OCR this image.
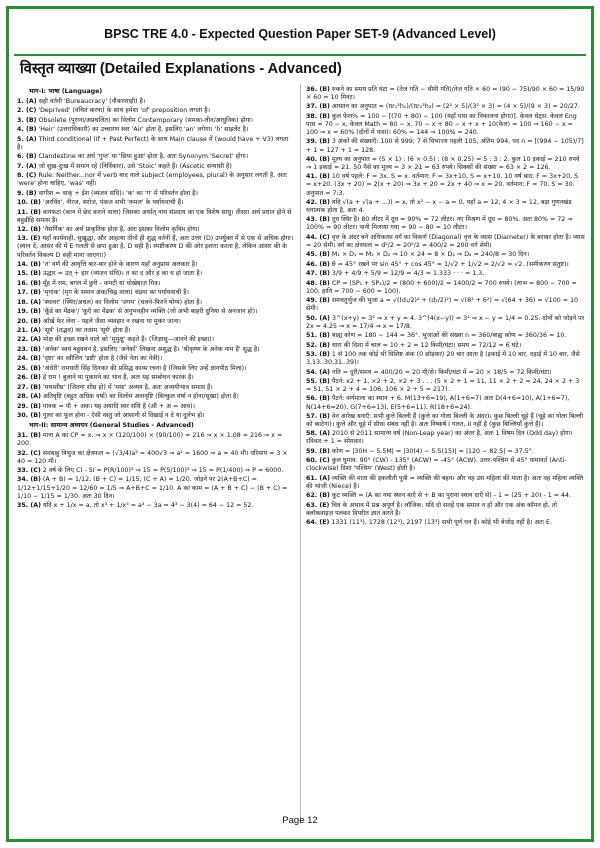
BPSC TRE 4.0 - Expected Question Paper SET-9 (Advanced Level)
विस्तृत व्याख्या (Detailed Explanations - Advanced)
भाग-I: भाषा (Language)
1. (A) सही वर्तनी 'Bureaucracy' (नौकरशाही) है।
2. (C) 'Deprived' (वंचित करना) के साथ हमेशा 'of' preposition लगता है।
3. (B) Obsolete (पुराना/अप्रचलित) का विलोम Contemporary (समका-लीन/आधुनिक) होगा।
4. (B) 'Heir' (उत्तराधिकारी) का उच्चारण स्वर 'Air' होता है, इसलिए 'an' लगेगा। 'h' साइलेंट है।
5. (A) Third conditional (If + Past Perfect) के साथ Main clause में (would have + V3) लगता है।
6. (B) Clandestine का अर्थ 'गुप्त' या 'छिपा हुआ' होता है, अतः Synonym 'Secret' होगा।
7. (A) जो सुख-दुःख में समान रहे (निर्विकार), उसे 'Stoic' कहते हैं। (Ascetic संन्यासी है)
8. (C) Rule: Neither...nor में verb बाद वाले subject (employees, plural) के अनुसार लगती है, अतः 'were' होना चाहिए, 'was' नहीं।
9. (B) वागीश = वाक् + ईश (व्यंजन संधि)। 'क' का 'ग' में परिवर्तन होता है।
10. (B) 'अरविंद', नीरज, सरोज, पंकज सभी 'कमल' के पर्यायवाची हैं।
11. (B) कनफटा (कान में छेद कराने वाला) जिसका अर्थात् नाथ संप्रदाय का एक विशेष साधु। तीसरा अर्थ प्रधान होने से बहुव्रीहि समास है।
12. (B) 'नैसर्गिक' का अर्थ प्राकृतिक होता है, अतः इसका विलोम कृत्रिम होगा।
13. (E) यहाँ कार्यवाही, सुखुद्धा, और आहत्या तीनों ही शुद्ध वर्तनी हैं, अतः उत्तर (D) उपर्युक्त में से एक से अधिक होगा। (ध्यान दें, आंसर की में E गलती से छपा हुआ है, D सही है। स्पष्टीकरण D की ओर इशारा करता है, लेकिन आंसर की के परिवर्तन विकल्प D सही माना जाएगा।)
14. (B) 'त' वर्ण की आवृत्ति बार-बार होने के कारण यहाँ अनुप्रास अलंकार है।
15. (B) उद्धार = उत् + हार (व्यंजन संधि)। त का द और ह का ध हो जाता है।
16. (B) मूँह में राम, बगल में छुरी - कपटी या धोखेबाज़ मित्र।
17. (B) 'मृगांक' (मृग के समान अंक/चिह्न वाला) चंद्रमा का पर्यायवाची है।
18. (A) 'स्थावर' (स्थिर/अचल) का विलोम 'जंगम' (चलने-फिरने योग्य) होता है।
19. (B) 'कूँडे का मेंढक'/ 'कुएँ का मेंढक' से अनुभवहीन व्यक्ति (जो अभी बाहरी दुनिया से अनजान हो)।
20. (B) आँखें फेर लेना - पहले जैसा व्यवहार न रखना या मुकर जाना।
21. (A) 'सूर्य' (तद्भव) का तत्सम 'सूर्य' होता है।
22. (A) मोक्ष की इच्छा रखने वाले को 'मुमुक्षु' कहते हैं। (जिज्ञासु—जानने की इच्छा)।
23. (B) 'अनेक' स्वयं बहुवचन है, इसलिए 'अनेकों' लिखना अशुद्ध है। 'श्रीकृष्ण के अनेक नाम हैं' शुद्ध है।
24. (B) 'दृष्टा' का स्त्रीलिंग 'द्रष्टी' होता है (जैसे नेता का नेत्री)।
25. (B) 'अंधेरी' रामधारी सिंह दिनकर की प्रसिद्ध काव्य रचना है (जिसके लिए उन्हें ज्ञानपीठ मिला)।
26. (B) हे राम ! बुलाने या पुकारने का भाव है, अतः यह सम्बोधन कारक है।
27. (B) 'यथाशीघ्र' (जितना शीघ्र हो) में 'यथा' अव्यय है, अतः अव्ययीभाव समास है।
28. (A) अतिवृष्टि (बहुत अधिक वर्षा) का विलोम अनावृष्टि (बिल्कुल वर्षा न होना/सूखा) होता है।
29. (B) पावक = पौ + अक। यह अयादि स्वर संधि है (औ + अ = आव)।
30. (B) गूलर का फूल होना - ऐसी वस्तु जो आसानी से दिखाई न दे या दुर्लभ हो।
भाग-II: सामान्य अध्ययन (General Studies - Advanced)
31. (B) माना A का CP = x. ⇒ x × (120/100) × (90/100) = 216 ⇒ x × 1.08 = 216 ⇒ x = 200.
32. (C) समबाहु त्रिभुज का क्षेत्रफल = (√3/4)a² = 400√3 ⇒ a² = 1600 ⇒ a = 40 मी। परिमाप = 3 × 40 = 120 मी।
33. (C) 2 वर्ष के लिए CI - SI = P(R/100)² ⇒ 15 = P(5/100)² ⇒ 15 = P(1/400) ⇒ P = 6000.
34. (B) (A + B) = 1/12, (B + C) = 1/15, (C + A) = 1/20. जोड़ने पर 2(A+B+C) = 1/12+1/15+1/20 = 12/60 = 1/5 ⇒ A+B+C = 1/10. A का काम = (A + B + C) − (B + C) = 1/10 − 1/15 = 1/30. अतः 30 दिन।
35. (A) यदि x + 1/x = a, तो x³ + 1/x³ = a³ − 3a = 4³ − 3(4) = 64 − 12 = 52.
36. (B) रुकने का समय प्रति घंटा = (तेज गति − धीमी गति)/तेज गति × 60 = (90 − 75)/90 × 60 = 15/90 × 60 = 10 मिनट।
37. (B) आयतन का अनुपात = (πr₁²h₁)/(πr₂²h₂) = (2² × 5)/(3² × 3) = (4 × 5)/(9 × 3) = 20/27.
38. (B) कुल फेल% = 100 − [(70 + 80) − 100 (यहाँ पास का निकालना होगा)]. केवल सेट्स: केवल Eng पास = 70 − x, केवल Math = 80 − x. 70 − x + 80 − x + x + 10(फेल) = 100 ⇒ 160 − x = 100 ⇒ x = 60% (दोनों में पास)। 60% = 144 ⇒ 100% = 240.
39. (B) 3 अंकों की संख्याएँ: 100 से 999; 7 से विभाज्य पहली 105, अंतिम 994. पद n = [(994 − 105)/7] + 1 = 127 + 1 = 128.
40. (B) मूल्य का अनुपात = (5 × 1) : (6 × 0.5) : (8 × 0.25) = 5 : 3 : 2. कुल 10 इकाई = 210 रुपये ⇒ 1 इकाई = 21. 50 पैसे का मूल्य = 3 × 21 = 63 रुपये। सिक्कों की संख्या = 63 × 2 = 126.
41. (B) 10 वर्ष पहले: F = 3x, S = x. वर्तमान: F = 3x+10, S = x+10. 10 वर्ष बाद: F = 3x+20, S = x+20. (3x + 20) = 2(x + 20) ⇒ 3x + 20 = 2x + 40 ⇒ x = 20. वर्तमान: F = 70, S = 30. अनुपात = 7:3.
42. (B) यदि √(a + √(a + ...)) = x, तो x² − x − a = 0. यहाँ a = 12, 4 × 3 = 12, बड़ा गुणनखंड धनात्मक होता है, अतः 4.
43. (B) दूध स्थिर है। 80 लीटर में दूध = 90% = 72 लीटर। नए मिश्रण में दूध = 80%. अतः 80% = 72 ⇒ 100% = 90 लीटर। पानी मिलाया गया = 90 − 80 = 10 लीटर।
44. (C) वृत्त के अंदर बने अधिकतम वर्ग का विकर्ण (Diagonal) वृत्त के व्यास (Diameter) के बराबर होता है। व्यास = 20 सेमी। वर्ग का क्षेत्रफल = d²/2 = 20²/2 = 400/2 = 200 वर्ग सेमी।
45. (B) M₁ × D₁ = M₂ × D₂ ⇒ 10 × 24 = 8 × D₂ ⇒ D₂ = 240/8 = 30 दिन।
46. (B) θ = 45° रखने पर sin 45° + cos 45° = 1/√2 + 1/√2 = 2/√2 = √2. (समीकरण संतुष्ट)।
47. (B) 3/9 + 4/9 + 5/9 = 12/9 = 4/3 = 1.333 · · · = 1.3.
48. (B) CP = (SP₁ + SP₂)/2 = (800 + 600)/2 = 1400/2 = 700 रुपये। (लाभ = 800 − 700 = 100, हानि = 700 − 600 = 100).
49. (B) समचतुर्भुज की भुजा a = √((d₁/2)² + (d₂/2)²) = √(8² + 6²) = √(64 + 36) = √100 = 10 सेमी।
50. (A) 3^(x+y) = 3⁴ ⇒ x + y = 4. 3^(4(x−y)) = 3¹ ⇒ x − y = 1/4 = 0.25. दोनों को जोड़ने पर 2x = 4.25 ⇒ x = 17/4 ⇒ x = 17/8.
51. (B) बाह्य कोण = 180 − 144 = 36°. भुजाओं की संख्या n = 360/बाह्य कोण = 360/36 = 10.
52. (B) धारा की दिशा में चाल = 10 + 2 = 12 किमी/घंटा। समय = 72/12 = 6 घंटे।
53. (B) 1 से 100 तक कोई भी विशिष्ट अंक (0 छोड़कर) 20 बार आता है (इकाई में 10 बार, दहाई में 10 बार, जैसे 3,13..30,31..39)।
54. (A) गति = दूरी/समय = 400/20 = 20 मी/से। किमी/घंटा में = 20 × 18/5 = 72 किमी/घंटा।
55. (B) पैटर्न: x2 + 1, ×2 + 2, ×2 + 3 . . . (5 × 2 + 1 = 11, 11 × 2 + 2 = 24, 24 × 2 + 3 = 51, 51 × 2 + 4 = 106, 106 × 2 + 5 = 217).
56. (B) पैटर्न: वर्णमाला का स्थान + 6. M(13+6=19), A(1+6=7) अतः D(4+6=10), A(1+6=7), N(14+6=20), G(7+6=13), E(5+6=11), R(18+6=24).
57. (B) वेन आरेख बनाएँ: सभी कुत्ते बिल्ली हैं (कुत्ते का गोला बिल्ली के अंदर)। कुछ बिल्ली चूहे हैं (चूहे का गोला बिल्ली को काटेगा)। कुत्ते और चूहे में सीधा संबंध नहीं है। अतः निष्कर्ष I गलत, II नहीं है (कुछ बिल्लियाँ कुत्ते हैं)।
58. (A) 2010 से 2011 सामान्य वर्ष (Non-Leap year) का अंतर है, अतः 1 विषम दिन (Odd day) होगा। रविवार + 1 = सोमवार।
59. (B) कोण = |30H − 5.5M| = |30(4) − 5.5(15)| = |120 − 82.5| = 37.5°.
60. (C) कुल घुमाव: 90° (CW) - 135° (ACW) = -45° (ACW). उत्तर-पश्चिम से 45° वामावर्त (Anti-clockwise) दिशा 'पश्चिम' (West) होती है।
61. (A) व्यक्ति की माता की इकलौती पुत्री = व्यक्ति की बहन। और वह उस महिला की माता है। अतः वह महिला व्यक्ति की भांजी (Niece) है।
62. (B) कूट व्यक्ति = (A का नया स्थान बाएँ से + B का पुराना स्थान दाएँ से) - 1 = (25 + 20) - 1 = 44.
63. (E) चित्र के अभाव में प्रश्न अपूर्ण है। लॉजिक: यदि दो सतहें एक समान न हों और एक अंक कॉमन हो, तो क्लॉकवाइज़ पलकर विपरीत ज्ञात करते हैं।
64. (E) 1331 (11³), 1728 (12³), 2197 (13³) सभी पूर्ण घन हैं। कोई भी बेजोड़ नहीं है। अतः E.
Page 12
